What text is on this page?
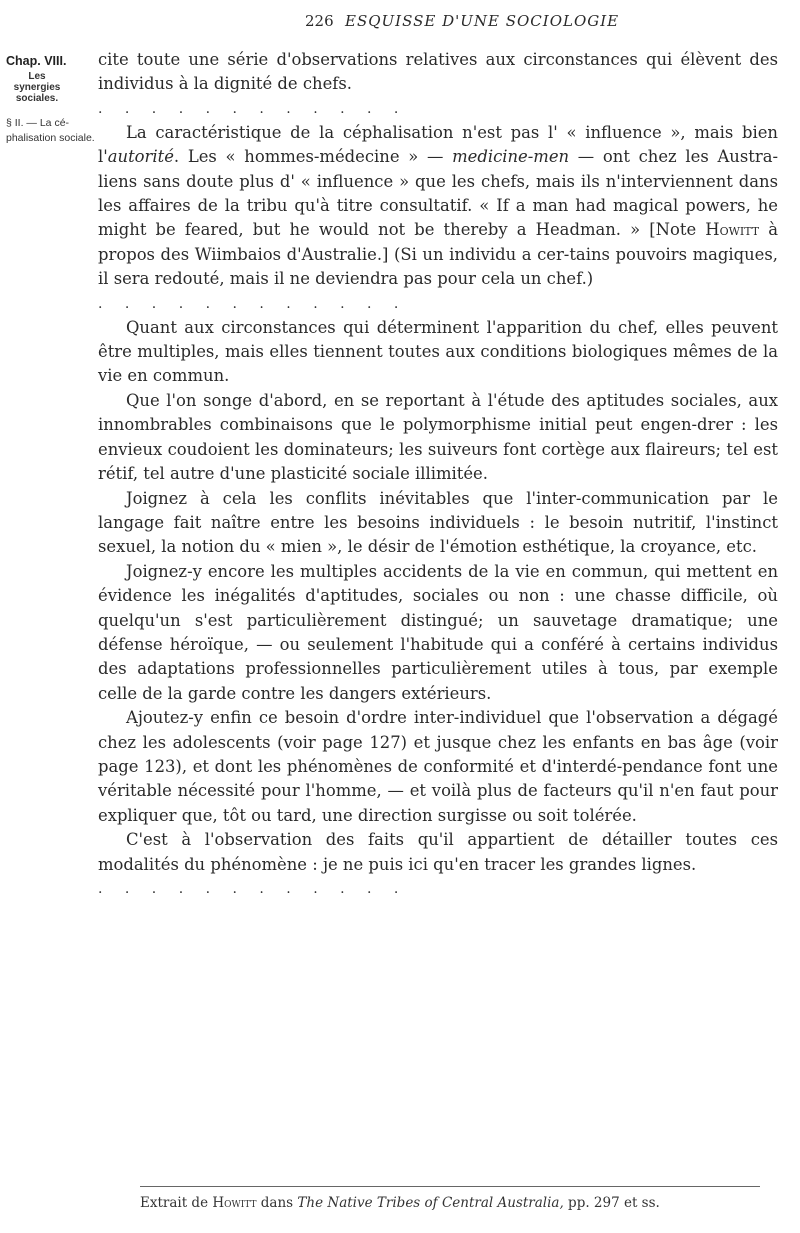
226 ESQUISSE D'UNE SOCIOLOGIE
Chap. VIII.
Les synergies sociales.
§ II. — La cé-phalisation sociale.

cite toute une série d'observations relatives aux circonstances qui élèvent des individus à la dignité de chefs.

. . . . . . . . . . . .

La caractéristique de la céphalisation n'est pas l' « influence », mais bien l'autorité. Les « hommes-médecine » — medicine-men — ont chez les Austra-liens sans doute plus d' « influence » que les chefs, mais ils n'interviennent dans les affaires de la tribu qu'à titre consultatif. « If a man had magical powers, he might be feared, but he would not be thereby a Headman. » [Note Howitt à propos des Wiimbaios d'Australie.] (Si un individu a cer-tains pouvoirs magiques, il sera redouté, mais il ne deviendra pas pour cela un chef.)

. . . . . . . . . . . .

Quant aux circonstances qui déterminent l'apparition du chef, elles peuvent être multiples, mais elles tiennent toutes aux conditions biologiques mêmes de la vie en commun.

Que l'on songe d'abord, en se reportant à l'étude des aptitudes sociales, aux innombrables combinaisons que le polymorphisme initial peut engen-drer : les envieux coudoient les dominateurs; les suiveurs font cortège aux flaireurs; tel est rétif, tel autre d'une plasticité sociale illimitée.

Joignez à cela les conflits inévitables que l'inter-communication par le langage fait naître entre les besoins individuels : le besoin nutritif, l'instinct sexuel, la notion du « mien », le désir de l'émotion esthétique, la croyance, etc.

Joignez-y encore les multiples accidents de la vie en commun, qui mettent en évidence les inégalités d'aptitudes, sociales ou non : une chasse difficile, où quelqu'un s'est particulièrement distingué; un sauvetage dramatique; une défense héroïque, — ou seulement l'habitude qui a conféré à certains individus des adaptations professionnelles particulièrement utiles à tous, par exemple celle de la garde contre les dangers extérieurs.

Ajoutez-y enfin ce besoin d'ordre inter-individuel que l'observation a dégagé chez les adolescents (voir page 127) et jusque chez les enfants en bas âge (voir page 123), et dont les phénomènes de conformité et d'interdé-pendance font une véritable nécessité pour l'homme, — et voilà plus de facteurs qu'il n'en faut pour expliquer que, tôt ou tard, une direction surgisse ou soit tolérée.

C'est à l'observation des faits qu'il appartient de détailler toutes ces modalités du phénomène : je ne puis ici qu'en tracer les grandes lignes.

. . . . . . . . . . . .

Extrait de Howitt dans The Native Tribes of Central Australia, pp. 297 et ss.
